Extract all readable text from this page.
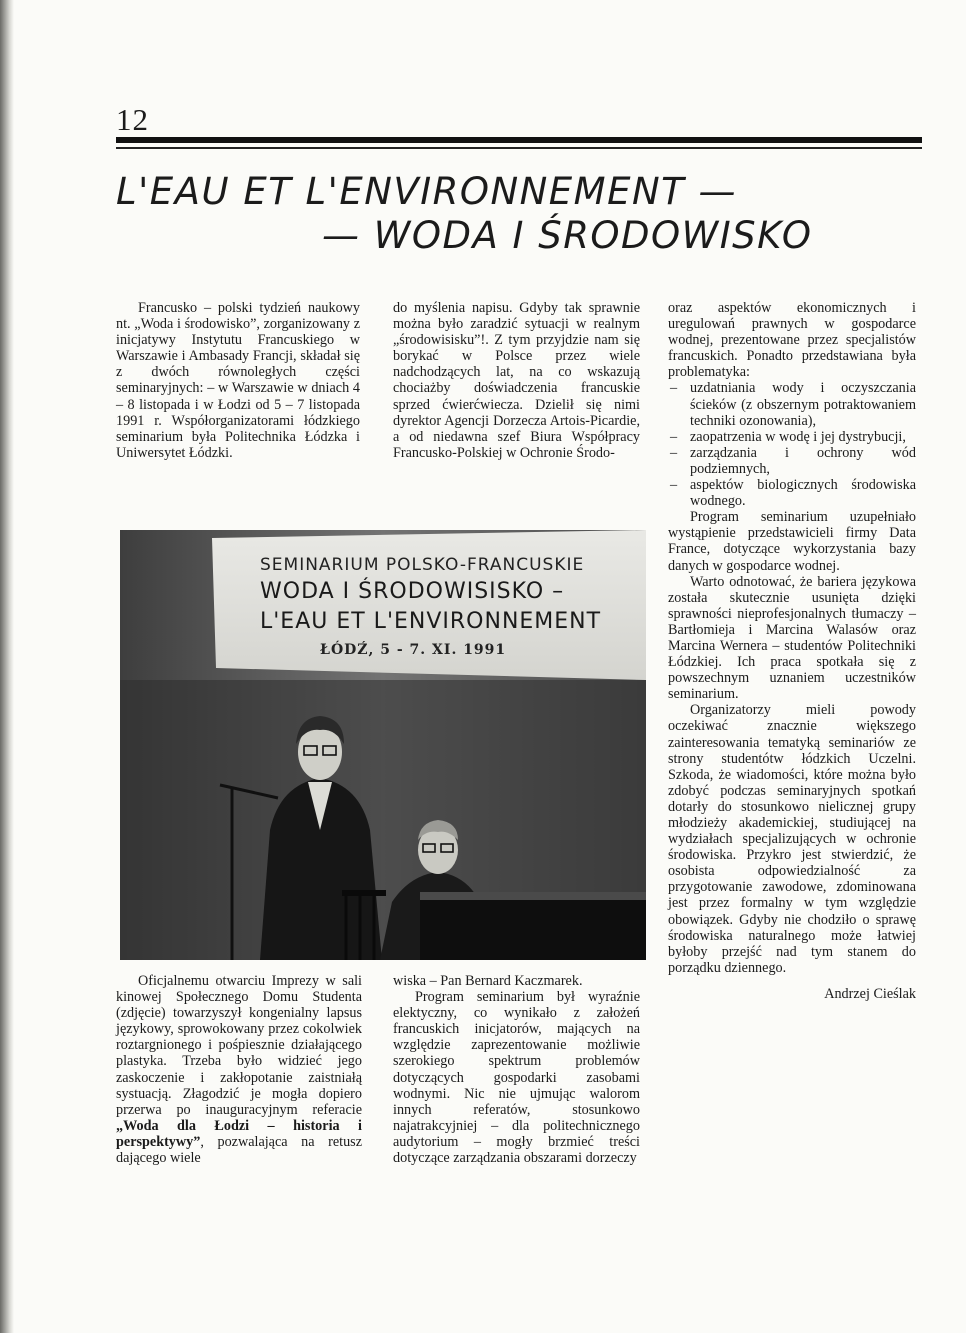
12
L'EAU ET L'ENVIRONNEMENT —
— WODA I ŚRODOWISKO

Francusko – polski tydzień naukowy nt. „Woda i środowisko”, zorganizowany z inicjatywy Instytutu Francuskiego w Warszawie i Ambasady Francji, składał się z dwóch równoległych części seminaryjnych: – w Warszawie w dniach 4 – 8 listopada i w Łodzi od 5 – 7 listopada 1991 r. Współorganizatorami łódzkiego seminarium była Politechnika Łódzka i Uniwersytet Łódzki.

do myślenia napisu. Gdyby tak sprawnie można było zaradzić sytuacji w realnym „środowisisku”!. Z tym przyjdzie nam się borykać w Polsce przez wiele nadchodzących lat, na co wskazują chociażby doświadczenia francuskie sprzed ćwierćwiecza. Dzielił się nimi dyrektor Agencji Dorzecza Artois-Picardie, a od niedawna szef Biura Współpracy Francusko-Polskiej w Ochronie Środo-

oraz aspektów ekonomicznych i uregulowań prawnych w gospodarce wodnej, prezentowane przez specjalistów francuskich. Ponadto przedstawiana była problematyka:

– uzdatniania wody i oczyszczania ścieków (z obszernym potraktowaniem techniki ozonowania),
– zaopatrzenia w wodę i jej dystrybucji,
– zarządzania i ochrony wód podziemnych,
– aspektów biologicznych środowiska wodnego.

Program seminarium uzupełniało wystąpienie przedstawicieli firmy Data France, dotyczące wykorzystania bazy danych w gospodarce wodnej.

Warto odnotować, że bariera językowa została skutecznie usunięta dzięki sprawności nieprofesjonalnych tłumaczy – Bartłomieja i Marcina Walasów oraz Marcina Wernera – studentów Politechniki Łódzkiej. Ich praca spotkała się z powszechnym uznaniem uczestników seminarium.

Organizatorzy mieli powody oczekiwać znacznie większego zainteresowania tematyką seminariów ze strony studentótw łódzkich Uczelni. Szkoda, że wiadomości, które można było zdobyć podczas seminaryjnych spotkań dotarły do stosunkowo nielicznej grupy młodzieży akademickiej, studiującej na wydziałach specjalizujących w ochronie środowiska. Przykro jest stwierdzić, że osobista odpowiedzialność za przygotowanie zawodowe, zdominowana jest przez formalny w tym względzie obowiązek. Gdyby nie chodziło o sprawę środowiska naturalnego może łatwiej byłoby przejść nad tym stanem do porządku dziennego.

Andrzej Cieślak
SEMINARIUM POLSKO-FRANCUSKIE
WODA I ŚRODOWISISKO –
L'EAU ET L'ENVIRONNEMENT
ŁÓDŹ, 5 - 7. XI. 1991

Oficjalnemu otwarciu Imprezy w sali kinowej Społecznego Domu Studenta (zdjęcie) towarzyszył kongenialny lapsus językowy, sprowokowany przez cokolwiek roztargnionego i pośpiesznie działającego plastyka. Trzeba było widzieć jego zaskoczenie i zakłopotanie zaistniałą systuacją. Złagodzić je mogła dopiero przerwa po inauguracyjnym referacie „Woda dla Łodzi – historia i perspektywy”, pozwalająca na retusz dającego wiele

wiska – Pan Bernard Kaczmarek.

Program seminarium był wyraźnie elektyczny, co wynikało z założeń francuskich inicjatorów, mających na względzie zaprezentowanie możliwie szerokiego spektrum problemów dotyczących gospodarki zasobami wodnymi. Nic nie ujmując walorom innych referatów, stosunkowo najatrakcyjniej – dla politechnicznego audytorium – mogły brzmieć treści dotyczące zarządzania obszarami dorzeczy
